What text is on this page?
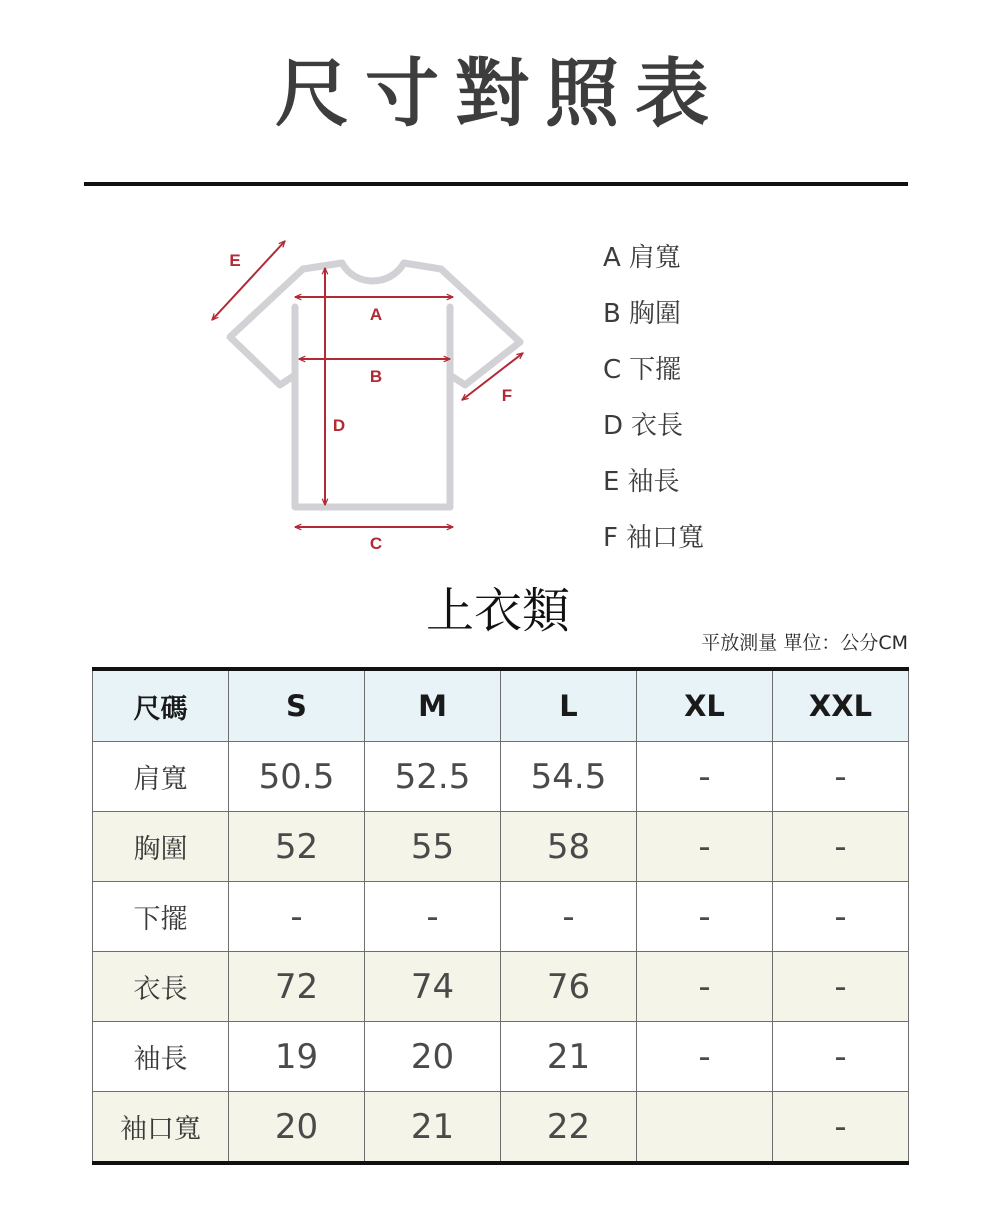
尺寸對照表
A
B
C
D
E
F
A 肩寬
B 胸圍
C 下擺
D 衣長
E 袖長
F 袖口寬
上衣類
平放測量 單位：公分CM
尺碼	S	M	L	XL	XXL
肩寬	50.5	52.5	54.5	-	-
胸圍	52	55	58	-	-
下擺	-	-	-	-	-
衣長	72	74	76	-	-
袖長	19	20	21	-	-
袖口寬	20	21	22		-
